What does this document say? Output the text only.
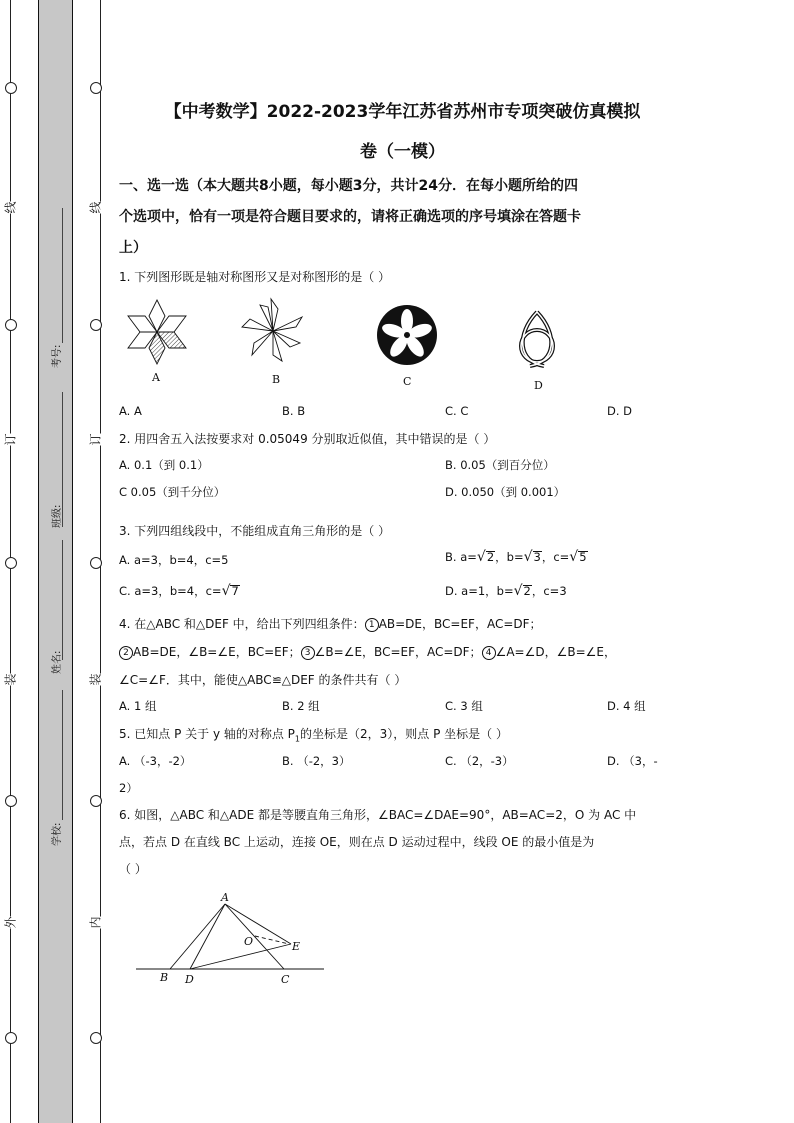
线
订
装
外
线
订
装
内
考号:
班级:
姓名:
学校:
【中考数学】2022-2023学年江苏省苏州市专项突破仿真模拟
卷（一模）
一、选一选（本大题共8小题，每小题3分，共计24分．在每小题所给的四
个选项中，恰有一项是符合题目要求的，请将正确选项的序号填涂在答题卡
上）
1. 下列图形既是轴对称图形又是对称图形的是（ ）
A	B	C	D
A. A	B. B	C. C	D. D
2. 用四舍五入法按要求对 0.05049 分别取近似值，其中错误的是（ ）
A. 0.1（到 0.1）	B. 0.05（到百分位）
C 0.05（到千分位）	D. 0.050（到 0.001）
3. 下列四组线段中，不能组成直角三角形的是（ ）
A. a=3，b=4，c=5	B. a=√2，b=√3，c=√5
C. a=3，b=4，c=√7	D. a=1，b=√2，c=3
4. 在△ABC 和△DEF 中，给出下列四组条件： 1 AB=DE，BC=EF，AC=DF；
2 AB=DE，∠B=∠E，BC=EF； 3 ∠B=∠E，BC=EF，AC=DF； 4 ∠A=∠D，∠B=∠E，
∠C=∠F．其中，能使△ABC≌△DEF 的条件共有（ ）
A. 1 组	B. 2 组	C. 3 组	D. 4 组
5. 已知点 P 关于 y 轴的对称点 $P_1$的坐标是（2，3），则点 P 坐标是（ ）
A. （-3，-2）	B. （-2，3）	C. （2，-3）	D. （3，-
2）
6. 如图，△ABC 和△ADE 都是等腰直角三角形，∠BAC=∠DAE=90°，AB=AC=2，O 为 AC 中
点，若点 D 在直线 BC 上运动，连接 OE，则在点 D 运动过程中，线段 OE 的最小值是为
（ ）
A
O	E
B D	C
